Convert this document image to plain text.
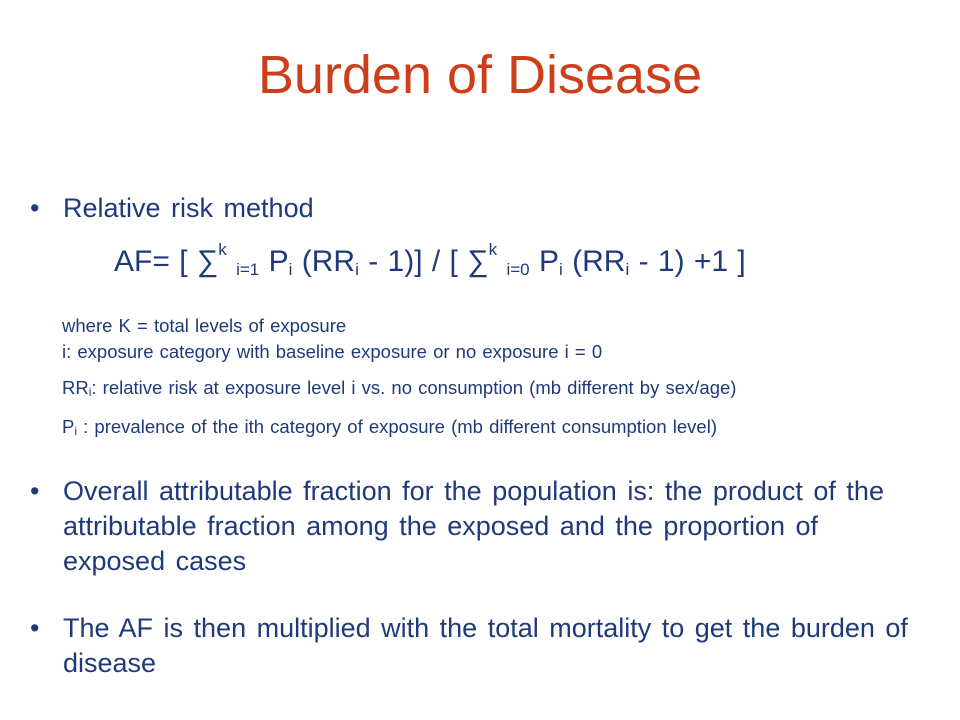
Burden of Disease
• Relative risk method
AF= [ ∑$^k$ $_{i=1}$ $P_i$ $(RR_i - 1)$] / [ ∑$^k$ $_{i=0}$ $P_i$ $(RR_i - 1) +1$ ]
where K = total levels of exposure
i: exposure category with baseline exposure or no exposure i = 0
$RR_i$: relative risk at exposure level i vs. no consumption (mb different by sex/age)
$P_i$ : prevalence of the ith category of exposure (mb different consumption level)
• Overall attributable fraction for the population is: the product of the attributable fraction among the exposed and the proportion of exposed cases
• The AF is then multiplied with the total mortality to get the burden of disease
